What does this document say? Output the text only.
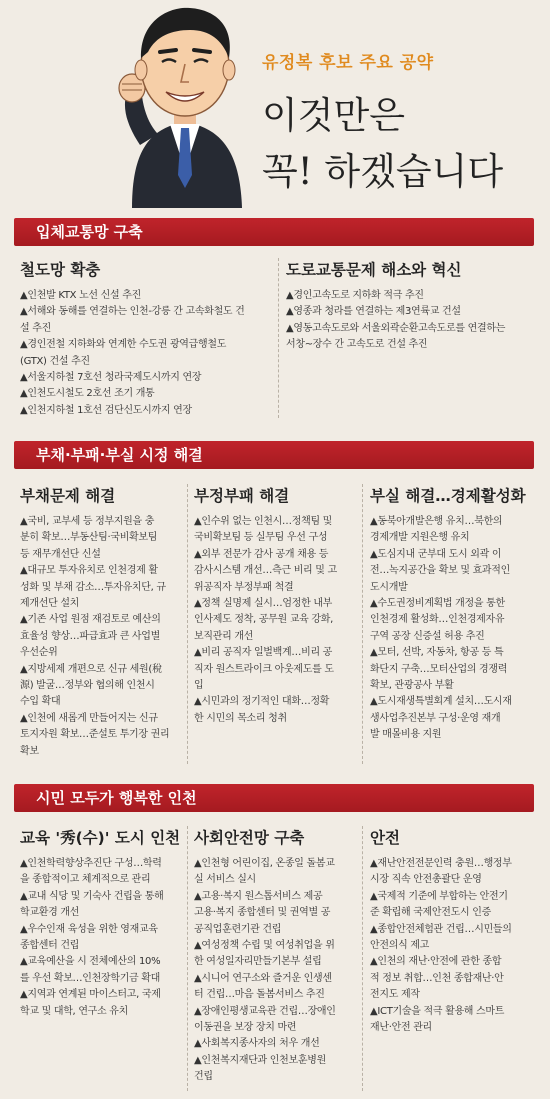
유정복 후보 주요 공약
이것만은
꼭! 하겠습니다
입체교통망 구축
철도망 확충
▲인천발 KTX 노선 신설 추진
▲서해와 동해를 연결하는 인천-강릉 간 고속화철도 건
설 추진
▲경인전철 지하화와 연계한 수도권 광역급행철도
(GTX) 건설 추진
▲서울지하철 7호선 청라국제도시까지 연장
▲인천도시철도 2호선 조기 개통
▲인천지하철 1호선 검단신도시까지 연장
도로교통문제 해소와 혁신
▲경인고속도로 지하화 적극 추진
▲영종과 청라를 연결하는 제3연륙교 건설
▲영동고속도로와 서울외곽순환고속도로를 연결하는
서창~장수 간 고속도로 건설 추진
부채·부패·부실 시정 해결
부채문제 해결
▲국비, 교부세 등 정부지원을 충
분히 확보…부동산팀·국비확보팀
등 재무개선단 신설
▲대규모 투자유치로 인천경제 활
성화 및 부채 감소…투자유치단, 규
제개선단 설치
▲기존 사업 원점 재검토로 예산의
효율성 향상…파급효과 큰 사업별
우선순위
▲지방세제 개편으로 신규 세원(稅
源) 발굴…정부와 협의해 인천시
수입 확대
▲인천에 새롭게 만들어지는 신규
토지자원 확보…준설토 투기장 권리
확보
부정부패 해결
▲인수위 없는 인천시…정책팀 및
국비확보팀 등 실무팀 우선 구성
▲외부 전문가 감사 공개 채용 등
감사시스템 개선…측근 비리 및 고
위공직자 부정부패 척결
▲정책 실명제 실시…엄정한 내부
인사제도 정착, 공무원 교육 강화,
보직관리 개선
▲비리 공직자 일벌백계…비리 공
직자 원스트라이크 아웃제도를 도
입
▲시민과의 정기적인 대화…정확
한 시민의 목소리 청취
부실 해결…경제활성화
▲동북아개발은행 유치…북한의
경제개발 지원은행 유치
▲도심지내 군부대 도시 외곽 이
전…녹지공간을 확보 및 효과적인
도시개발
▲수도권정비계획법 개정을 통한
인천경제 활성화…인천경제자유
구역 공장 신증설 허용 추진
▲모터, 선박, 자동차, 항공 등 특
화단지 구축…모터산업의 경쟁력
확보, 관광공사 부활
▲도시재생특별회계 설치…도시재
생사업추진본부 구성·운영 재개
발 매몰비용 지원
시민 모두가 행복한 인천
교육 '秀(수)' 도시 인천
▲인천학력향상추진단 구성…학력
을 종합적이고 체계적으로 관리
▲교내 식당 및 기숙사 건립을 통해
학교환경 개선
▲우수인재 육성을 위한 영재교육
종합센터 건립
▲교육예산을 시 전체예산의 10%
를 우선 확보…인천장학기금 확대
▲지역과 연계된 마이스터고, 국제
학교 및 대학, 연구소 유치
사회안전망 구축
▲인천형 어린이집, 온종일 돌봄교
실 서비스 실시
▲고용·복지 원스톱서비스 제공
고용·복지 종합센터 및 권역별 공
공직업훈련기관 건립
▲여성정책 수립 및 여성취업을 위
한 여성일자리만들기본부 설립
▲시니어 연구소와 즐거운 인생센
터 건립…마음 돌봄서비스 추진
▲장애인평생교육관 건립…장애인
이동권을 보장 장치 마련
▲사회복지종사자의 처우 개선
▲인천복지재단과 인천보훈병원
건립
안전
▲재난안전전문인력 충원…행정부
시장 직속 안전총괄단 운영
▲국제적 기준에 부합하는 안전기
준 확립해 국제안전도시 인증
▲종합안전체험관 건립…시민들의
안전의식 제고
▲인천의 재난·안전에 관한 종합
적 정보 취합…인천 종합재난·안
전지도 제작
▲ICT기술을 적극 활용해 스마트
재난·안전 관리
